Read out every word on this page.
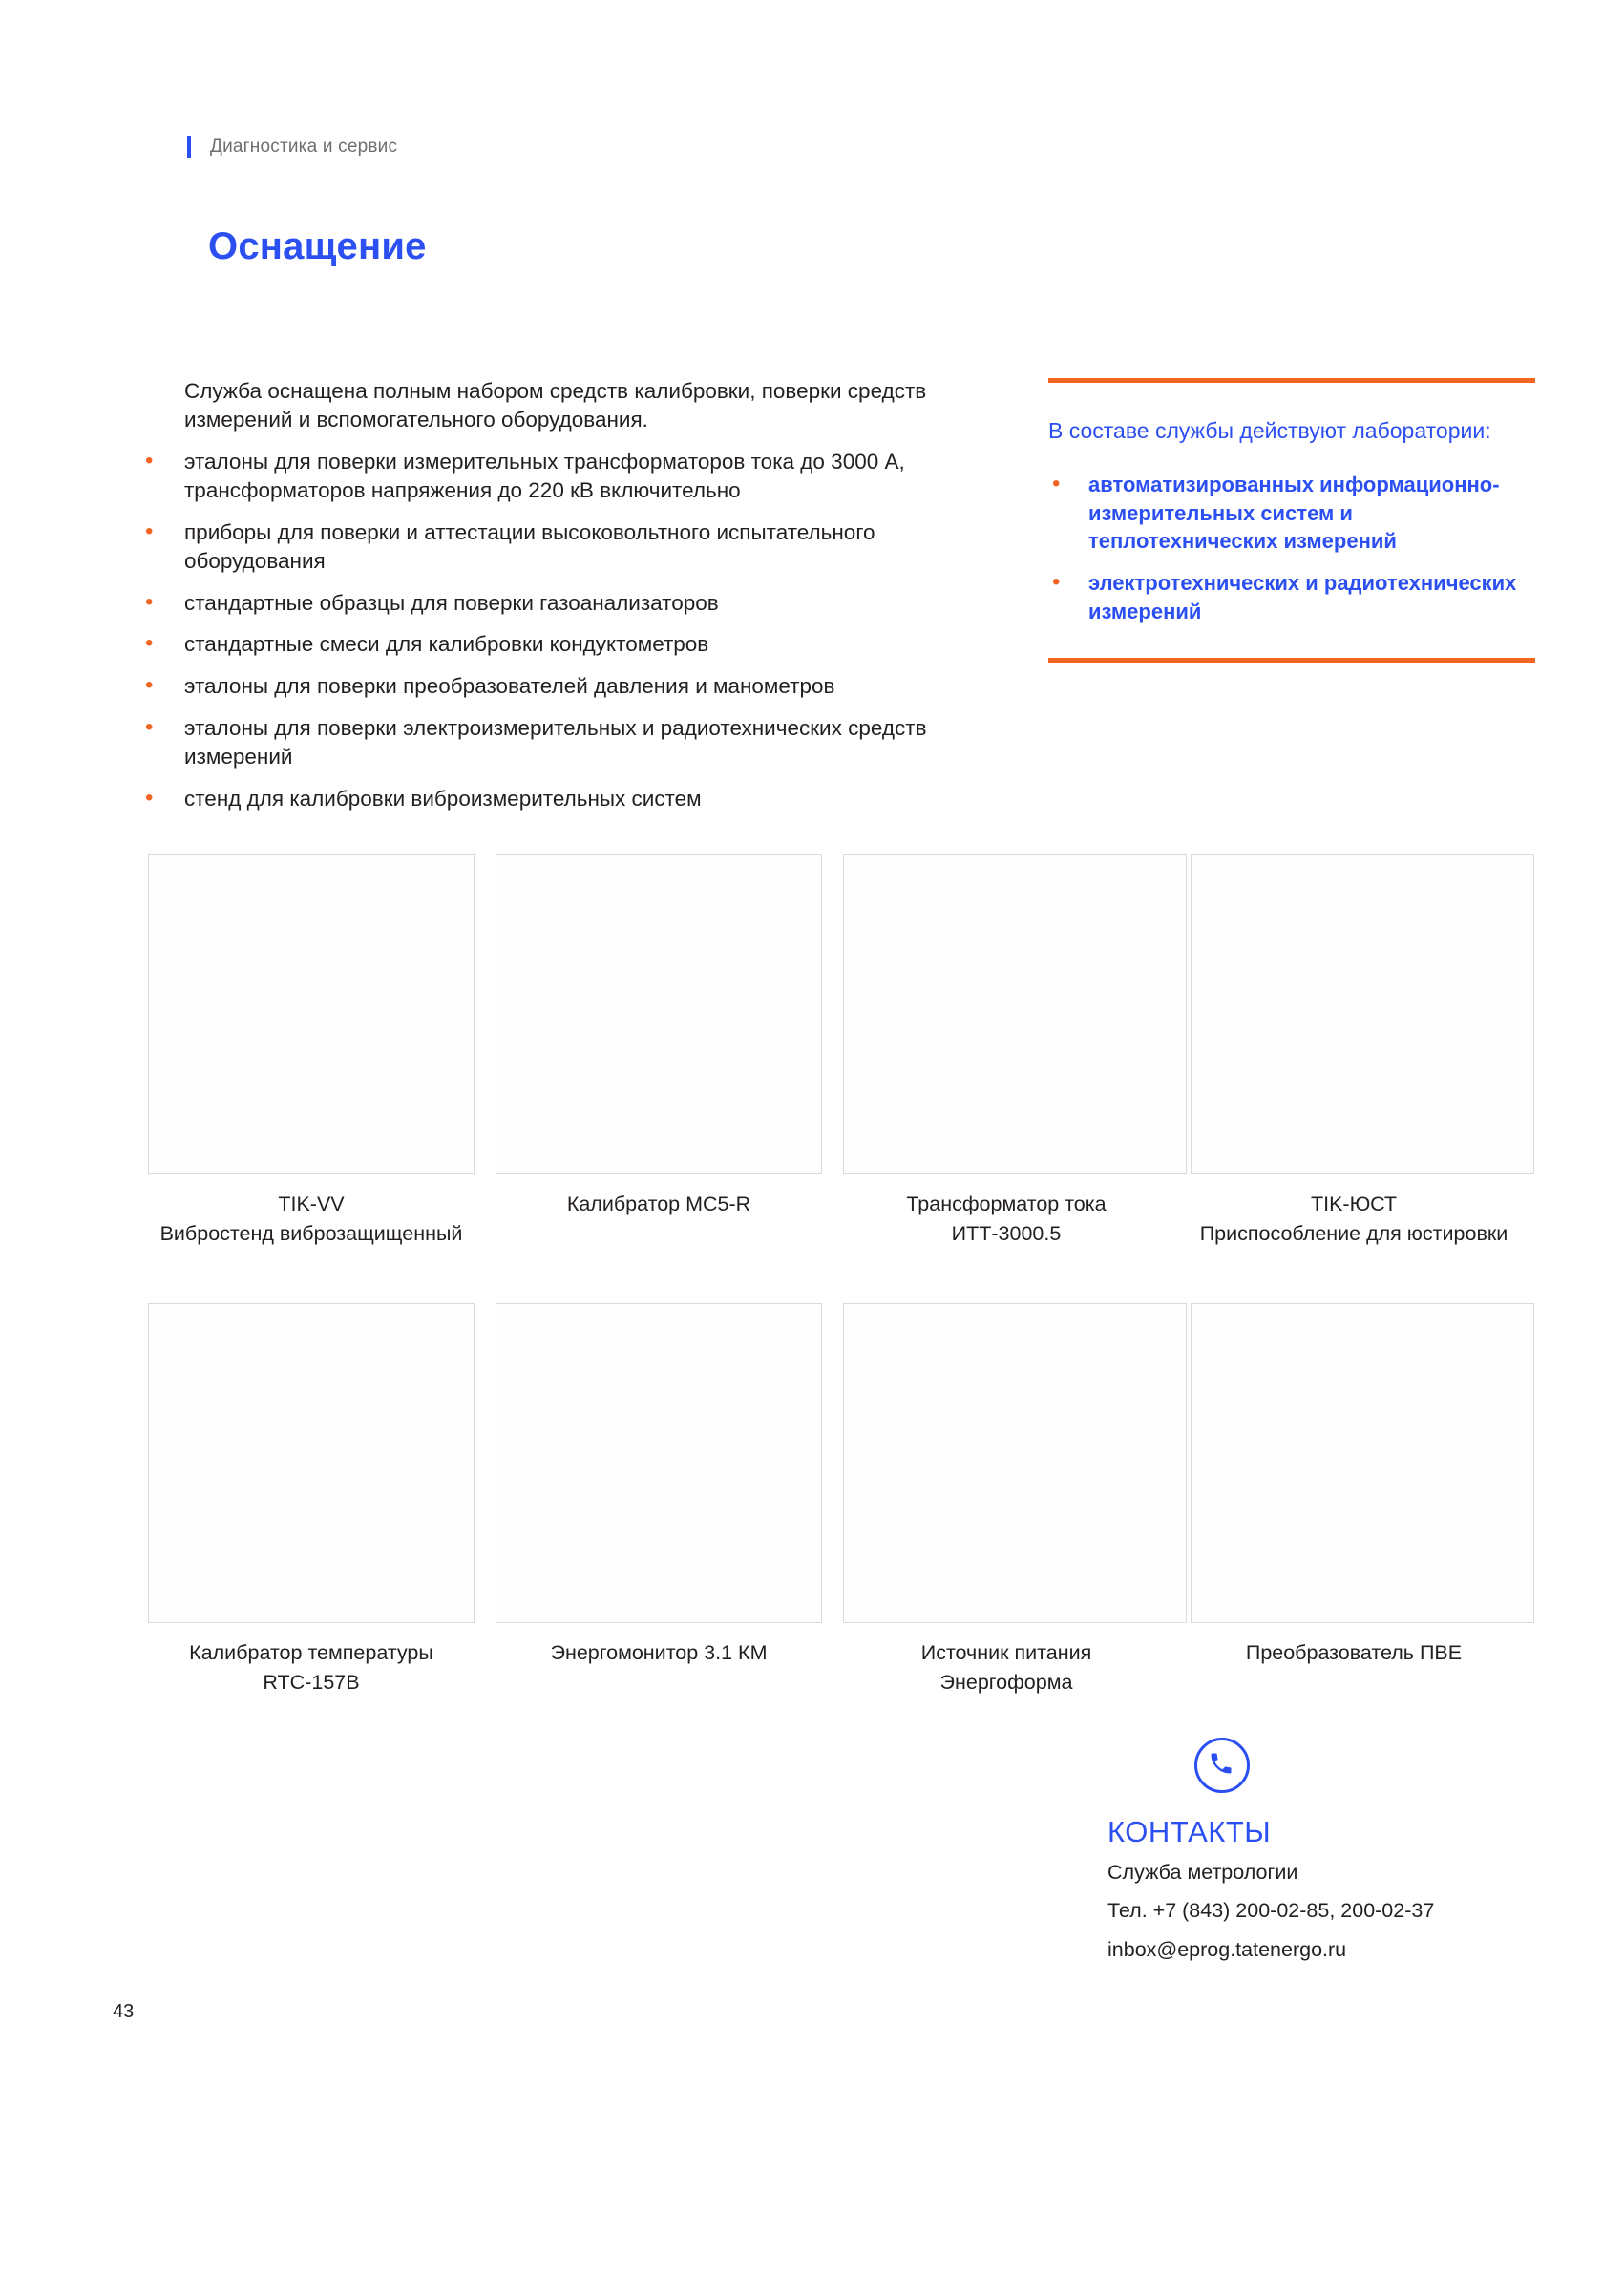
Диагностика и сервис
Оснащение
Служба оснащена полным набором средств калибровки, поверки средств измерений и вспомогательного оборудования.
• эталоны для поверки измерительных трансформаторов тока до 3000 А, трансформаторов напряжения до 220 кВ включительно
• приборы для поверки и аттестации высоковольтного испытательного оборудования
• стандартные образцы для поверки газоанализаторов
• стандартные смеси для калибровки кондуктометров
• эталоны для поверки преобразователей давления и манометров
• эталоны для поверки электроизмерительных и радиотехнических средств измерений
• стенд для калибровки виброизмерительных систем
В составе службы действуют лаборатории:
• автоматизированных информационно-измерительных систем и теплотехнических измерений
• электротехнических и радиотехнических измерений
TIK-VV
Вибростенд виброзащищенный
Калибратор MC5-R	Трансформатор тока
ИТТ-3000.5
TIK-ЮСТ
Приспособление для юстировки
Калибратор температуры
RTC-157B
Энергомонитор 3.1 КМ	Источник питания
Энергоформа
Преобразователь ПВЕ
КОНТАКТЫ
Служба метрологии
Тел. +7 (843) 200-02-85, 200-02-37
inbox@eprog.tatenergo.ru
43
